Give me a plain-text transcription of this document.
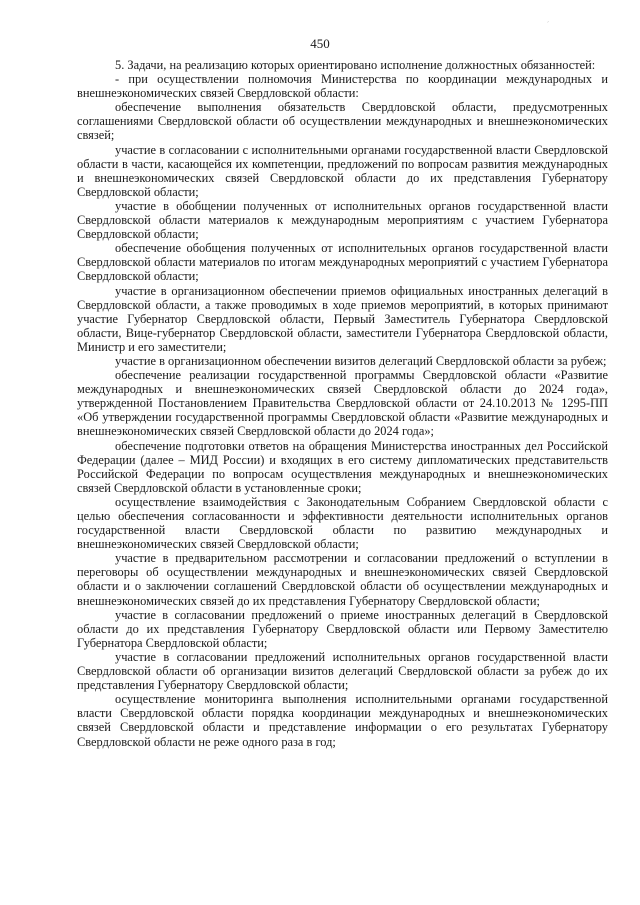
´
450

5. Задачи, на реализацию которых ориентировано исполнение должностных обязанностей:

- при осуществлении полномочия Министерства по координации международных и внешнеэкономических связей Свердловской области:

обеспечение выполнения обязательств Свердловской области, предусмотренных соглашениями Свердловской области об осуществлении международных и внешнеэкономических связей;

участие в согласовании с исполнительными органами государственной власти Свердловской области в части, касающейся их компетенции, предложений по вопросам развития международных и внешнеэкономических связей Свердловской области до их представления Губернатору Свердловской области;

участие в обобщении полученных от исполнительных органов государственной власти Свердловской области материалов к международным мероприятиям с участием Губернатора Свердловской области;

обеспечение обобщения полученных от исполнительных органов государственной власти Свердловской области материалов по итогам международных мероприятий с участием Губернатора Свердловской области;

участие в организационном обеспечении приемов официальных иностранных делегаций в Свердловской области, а также проводимых в ходе приемов мероприятий, в которых принимают участие Губернатор Свердловской области, Первый Заместитель Губернатора Свердловской области, Вице-губернатор Свердловской области, заместители Губернатора Свердловской области, Министр и его заместители;

участие в организационном обеспечении визитов делегаций Свердловской области за рубеж;

обеспечение реализации государственной программы Свердловской области «Развитие международных и внешнеэкономических связей Свердловской области до 2024 года», утвержденной Постановлением Правительства Свердловской области от 24.10.2013 № 1295-ПП «Об утверждении государственной программы Свердловской области «Развитие международных и внешнеэкономических связей Свердловской области до 2024 года»;

обеспечение подготовки ответов на обращения Министерства иностранных дел Российской Федерации (далее – МИД России) и входящих в его систему дипломатических представительств Российской Федерации по вопросам осуществления международных и внешнеэкономических связей Свердловской области в установленные сроки;

осуществление взаимодействия с Законодательным Собранием Свердловской области с целью обеспечения согласованности и эффективности деятельности исполнительных органов государственной власти Свердловской области по развитию международных и внешнеэкономических связей Свердловской области;

участие в предварительном рассмотрении и согласовании предложений о вступлении в переговоры об осуществлении международных и внешнеэкономических связей Свердловской области и о заключении соглашений Свердловской области об осуществлении международных и внешнеэкономических связей до их представления Губернатору Свердловской области;

участие в согласовании предложений о приеме иностранных делегаций в Свердловской области до их представления Губернатору Свердловской области или Первому Заместителю Губернатора Свердловской области;

участие в согласовании предложений исполнительных органов государственной власти Свердловской области об организации визитов делегаций Свердловской области за рубеж до их представления Губернатору Свердловской области;

осуществление мониторинга выполнения исполнительными органами государственной власти Свердловской области порядка координации международных и внешнеэкономических связей Свердловской области и представление информации о его результатах Губернатору Свердловской области не реже одного раза в год;
